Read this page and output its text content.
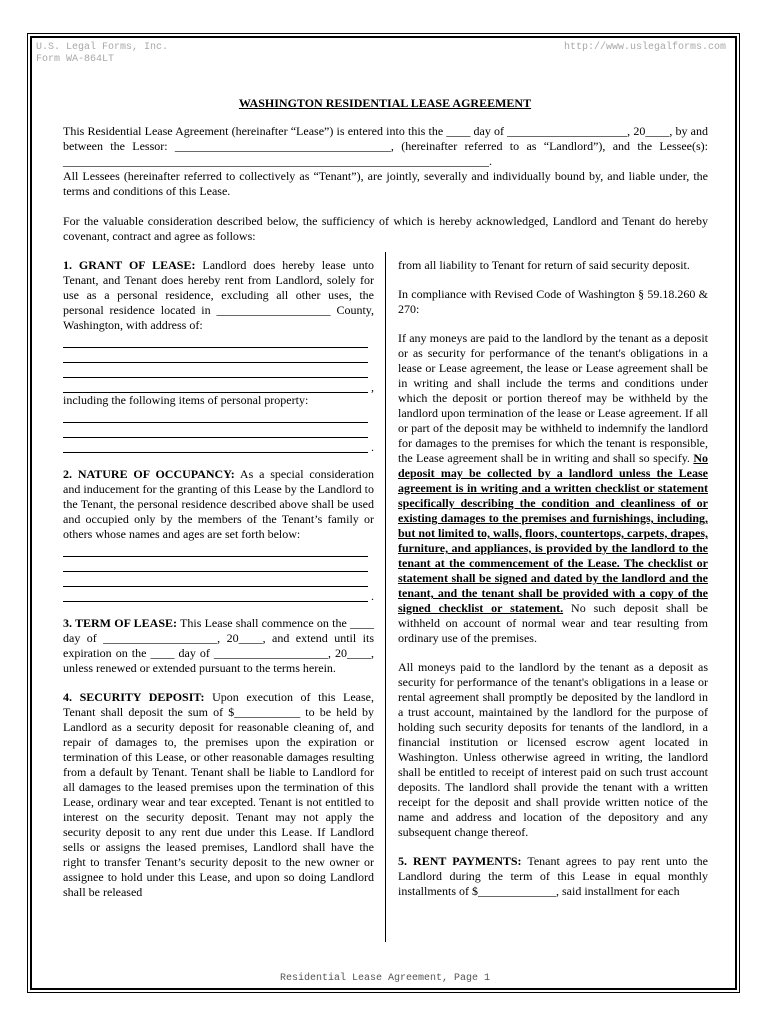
U.S. Legal Forms, Inc.
Form WA-864LT
http://www.uslegalforms.com
WASHINGTON RESIDENTIAL LEASE AGREEMENT

This Residential Lease Agreement (hereinafter “Lease”) is entered into this the ____ day of ____________________, 20____, by and between the Lessor: ____________________________________, (hereinafter referred to as “Landlord”), and the Lessee(s): _______________________________________________________________________.

All Lessees (hereinafter referred to collectively as “Tenant”), are jointly, severally and individually bound by, and liable under, the terms and conditions of this Lease.

For the valuable consideration described below, the sufficiency of which is hereby acknowledged, Landlord and Tenant do hereby covenant, contract and agree as follows:

1. GRANT OF LEASE: Landlord does hereby lease unto Tenant, and Tenant does hereby rent from Landlord, solely for use as a personal residence, excluding all other uses, the personal residence located in ___________________ County, Washington, with address of:

,

including the following items of personal property:

.

2. NATURE OF OCCUPANCY: As a special consideration and inducement for the granting of this Lease by the Landlord to the Tenant, the personal residence described above shall be used and occupied only by the members of the Tenant’s family or others whose names and ages are set forth below:

.

3. TERM OF LEASE: This Lease shall commence on the ____ day of ___________________, 20____, and extend until its expiration on the ____ day of ___________________, 20____, unless renewed or extended pursuant to the terms herein.

4. SECURITY DEPOSIT: Upon execution of this Lease, Tenant shall deposit the sum of $___________ to be held by Landlord as a security deposit for reasonable cleaning of, and repair of damages to, the premises upon the expiration or termination of this Lease, or other reasonable damages resulting from a default by Tenant. Tenant shall be liable to Landlord for all damages to the leased premises upon the termination of this Lease, ordinary wear and tear excepted. Tenant is not entitled to interest on the security deposit. Tenant may not apply the security deposit to any rent due under this Lease. If Landlord sells or assigns the leased premises, Landlord shall have the right to transfer Tenant’s security deposit to the new owner or assignee to hold under this Lease, and upon so doing Landlord shall be released

from all liability to Tenant for return of said security deposit.

In compliance with Revised Code of Washington § 59.18.260 & 270:

If any moneys are paid to the landlord by the tenant as a deposit or as security for performance of the tenant's obligations in a lease or Lease agreement, the lease or Lease agreement shall be in writing and shall include the terms and conditions under which the deposit or portion thereof may be withheld by the landlord upon termination of the lease or Lease agreement. If all or part of the deposit may be withheld to indemnify the landlord for damages to the premises for which the tenant is responsible, the Lease agreement shall be in writing and shall so specify. No deposit may be collected by a landlord unless the Lease agreement is in writing and a written checklist or statement specifically describing the condition and cleanliness of or existing damages to the premises and furnishings, including, but not limited to, walls, floors, countertops, carpets, drapes, furniture, and appliances, is provided by the landlord to the tenant at the commencement of the Lease. The checklist or statement shall be signed and dated by the landlord and the tenant, and the tenant shall be provided with a copy of the signed checklist or statement. No such deposit shall be withheld on account of normal wear and tear resulting from ordinary use of the premises.

All moneys paid to the landlord by the tenant as a deposit as security for performance of the tenant's obligations in a lease or rental agreement shall promptly be deposited by the landlord in a trust account, maintained by the landlord for the purpose of holding such security deposits for tenants of the landlord, in a financial institution or licensed escrow agent located in Washington. Unless otherwise agreed in writing, the landlord shall be entitled to receipt of interest paid on such trust account deposits. The landlord shall provide the tenant with a written receipt for the deposit and shall provide written notice of the name and address and location of the depository and any subsequent change thereof.

5. RENT PAYMENTS: Tenant agrees to pay rent unto the Landlord during the term of this Lease in equal monthly installments of $_____________, said installment for each

Residential Lease Agreement, Page 1
